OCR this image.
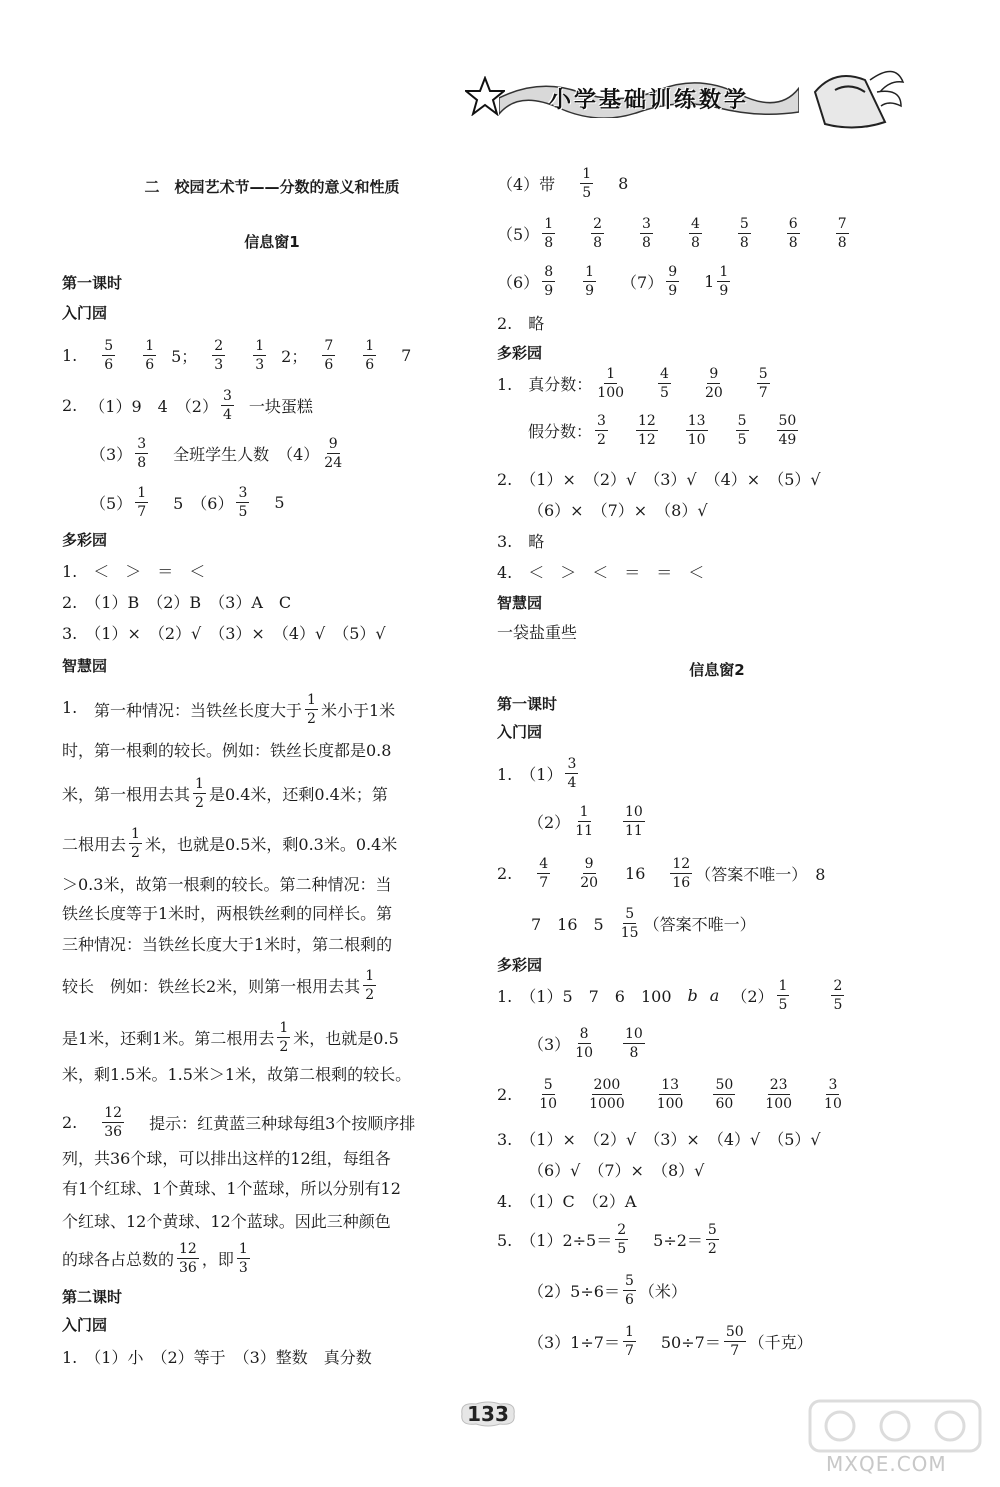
小学基础训练数学
二　校园艺术节——分数的意义和性质
信息窗1
第一课时
入门园
1. $\frac{5}{6} \frac{1}{6} 5$； $\frac{2}{3} \frac{1}{3} 2$； $\frac{7}{6} \frac{1}{6} 7$
2. （1）9　4　$(2) \frac{3}{4}$ 一块蛋糕
$(3) \frac{3}{8}$ 全班学生人数　$(4) \frac{9}{24}$
$(5) \frac{1}{7} 5$　$(6) \frac{3}{5} 5$
多彩园
1.　＜　＞　＝　＜
2.　（1）B　（2）B　（3）A　C
3.　（1）×　（2）√　（3）×　（4）√　（5）√
智慧园
1. 第一种情况：当铁丝长度大于 $\frac{1}{2}$ 米小于1米
时，第一根剩的较长。例如：铁丝长度都是0.8
米，第一根用去其 $\frac{1}{2}$ 是0.4米，还剩0.4米；第
二根用去 $\frac{1}{2}$ 米，也就是0.5米，剩0.3米。0.4米
＞0.3米，故第一根剩的较长。第二种情况：当
铁丝长度等于1米时，两根铁丝剩的同样长。第
三种情况：当铁丝长度大于1米时，第二根剩的
较长　例如：铁丝长2米，则第一根用去其 $\frac{1}{2}$
是1米，还剩1米。第二根用去 $\frac{1}{2}$ 米，也就是0.5
米，剩1.5米。1.5米＞1米，故第二根剩的较长。
2. $\frac{12}{36}$ 提示：红黄蓝三种球每组3个按顺序排
列，共36个球，可以排出这样的12组，每组各
有1个红球、1个黄球、1个蓝球，所以分别有12
个红球、12个黄球、12个蓝球。因此三种颜色
的球各占总数的 $\frac{12}{36}$ ，即 $\frac{1}{3}$
第二课时
入门园
1.　（1）小　（2）等于　（3）整数　真分数
（4）带 $\frac{1}{5} 8$
$(5) \frac{1}{8}$	$\frac{2}{8}$	$\frac{3}{8}$	$\frac{4}{8}$	$\frac{5}{8}$	$\frac{6}{8}$	$\frac{7}{8}$
$(6) \frac{8}{9} \frac{1}{9} (7) \frac{9}{9} 1 \frac{1}{9}$
2.　略
多彩园
1.　真分数： $\frac{1}{100} \frac{4}{5} \frac{9}{20} \frac{5}{7}$
假分数： $\frac{3}{2} \frac{12}{12} \frac{13}{10} \frac{5}{5} \frac{50}{49}$
2.　（1）×　（2）√　（3）√　（4）×　（5）√
（6）×　（7）×　（8）√
3.　略
4.　＜　＞　＜　＝　＝　＜
智慧园
一袋盐重些
信息窗2
第一课时
入门园
1.　$(1) \frac{3}{4}$
$(2) \frac{1}{11} \frac{10}{11}$
2. $\frac{4}{7} \frac{9}{20} 16 \frac{12}{16}$ （答案不唯一）　8
7　16　$5 \frac{5}{15}$ （答案不唯一）
多彩园
1.　（1）5　7　6　100　 b a $(2) \frac{1}{5}$	$\frac{2}{5}$
$(3) \frac{8}{10} \frac{10}{8}$
2. $\frac{5}{10} \frac{200}{1000} \frac{13}{100} \frac{50}{60} \frac{23}{100} \frac{3}{10}$
3.　（1）×　（2）√　（3）×　（4）√　（5）√
（6）√　（7）×　（8）√
4.　（1）C　（2）A
5.　$(1)2\div 5= \frac{2}{5} 5\div 2= \frac{5}{2}$
$(2)5\div 6= \frac{5}{6}$ （米）
$(3)1\div 7= \frac{1}{7} 50\div 7= \frac{50}{7}$ （千克）
133
MXQE.COM
